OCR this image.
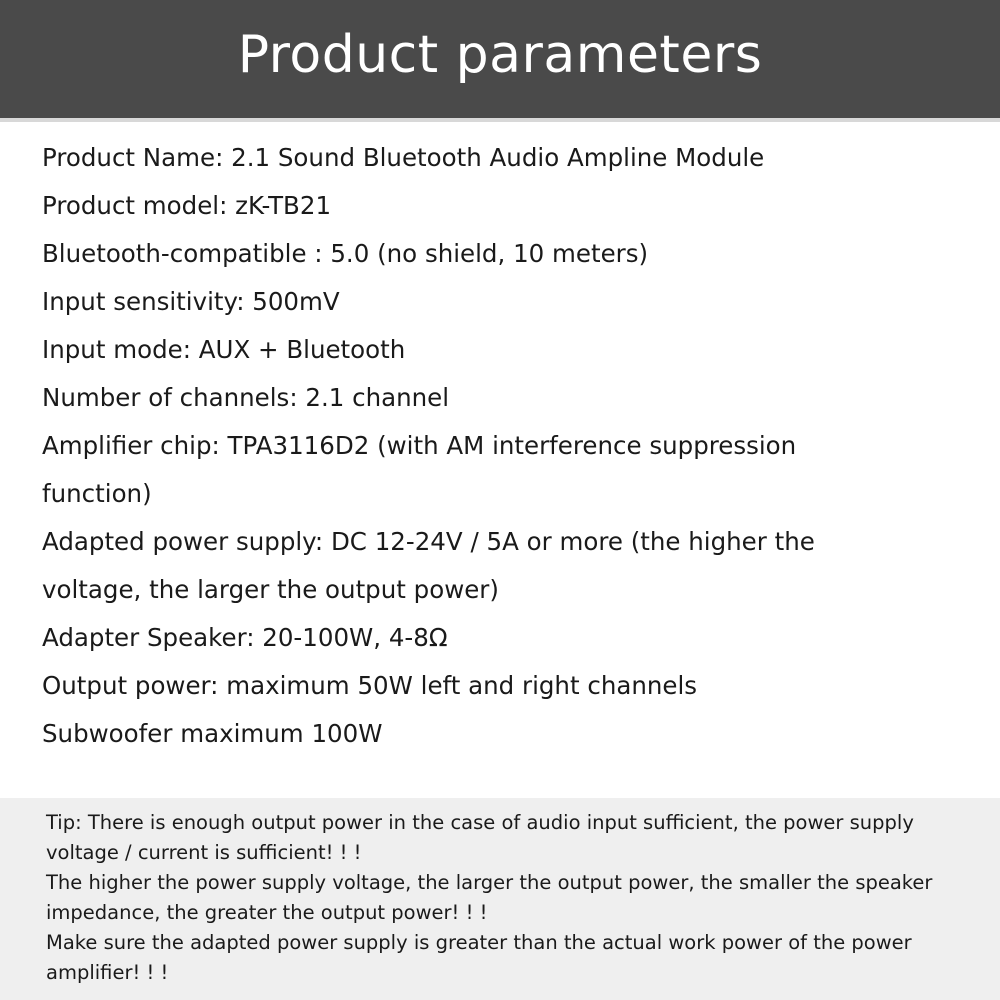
Product parameters
Product Name: 2.1 Sound Bluetooth Audio Ampline Module
Product model: zK-TB21
Bluetooth-compatible : 5.0 (no shield, 10 meters)
Input sensitivity: 500mV
Input mode: AUX + Bluetooth
Number of channels: 2.1 channel
Amplifier chip: TPA3116D2 (with AM interference suppression
function)
Adapted power supply: DC 12-24V / 5A or more (the higher the
voltage, the larger the output power)
Adapter Speaker: 20-100W, 4-8Ω
Output power: maximum 50W left and right channels
Subwoofer maximum 100W
Tip: There is enough output power in the case of audio input sufficient, the power supply
voltage / current is sufficient! ! !
The higher the power supply voltage, the larger the output power, the smaller the speaker
impedance, the greater the output power! ! !
Make sure the adapted power supply is greater than the actual work power of the power
amplifier! ! !
